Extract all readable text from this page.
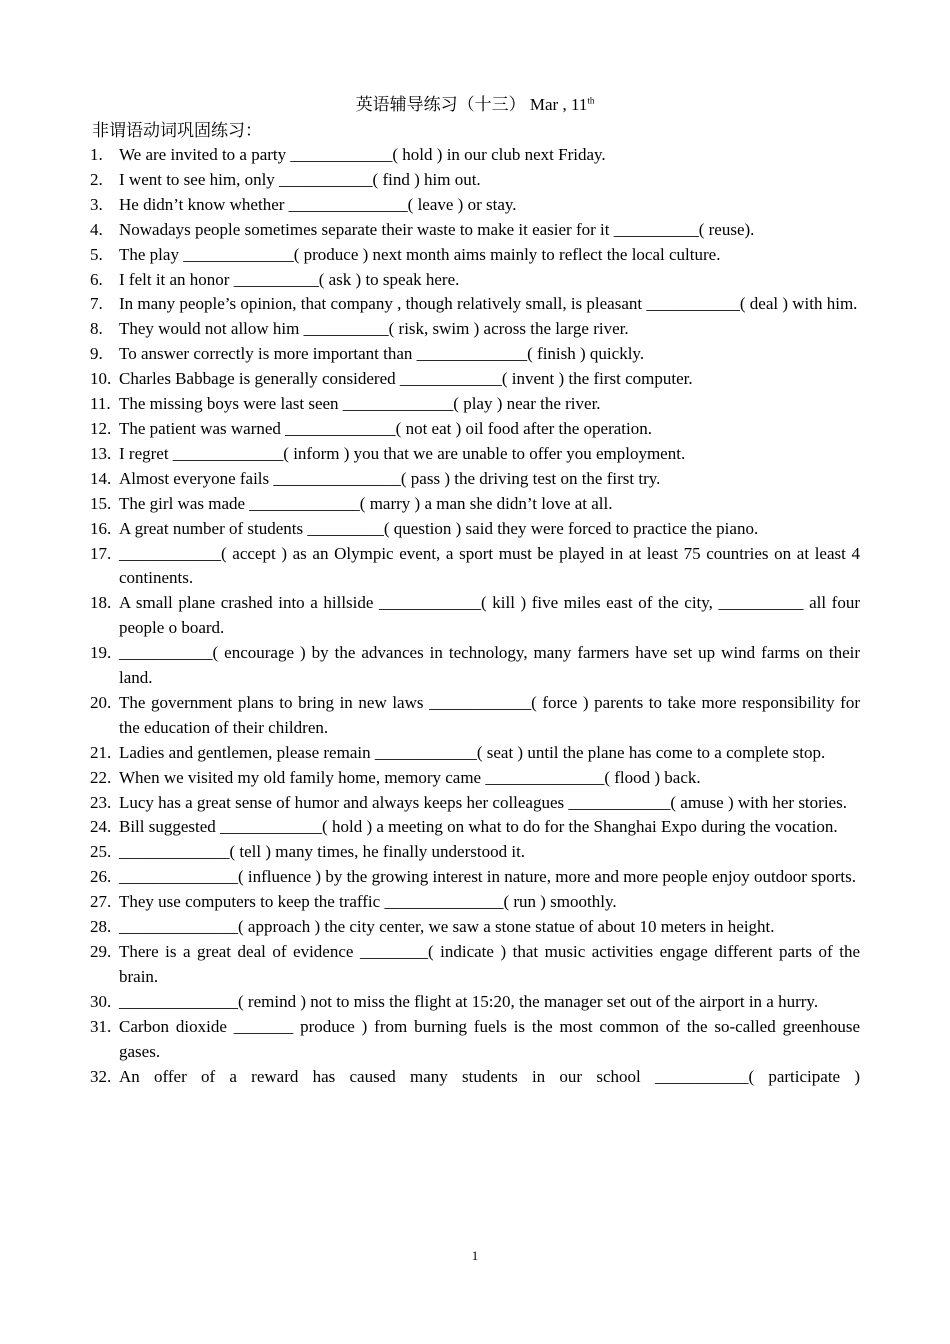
英语辅导练习（十三） Mar , 11th
非谓语动词巩固练习：
1. We are invited to a party ____________( hold ) in our club next Friday.
2. I went to see him, only ___________( find ) him out.
3. He didn’t know whether ______________( leave ) or stay.
4. Nowadays people sometimes separate their waste to make it easier for it __________( reuse).
5. The play _____________( produce ) next month aims mainly to reflect the local culture.
6. I felt it an honor __________( ask ) to speak here.
7. In many people’s opinion, that company , though relatively small, is pleasant ___________( deal ) with him.
8. They would not allow him __________( risk, swim ) across the large river.
9. To answer correctly is more important than _____________( finish ) quickly.
10. Charles Babbage is generally considered ____________( invent ) the first computer.
11. The missing boys were last seen _____________( play ) near the river.
12. The patient was warned _____________( not eat ) oil food after the operation.
13. I regret _____________( inform ) you that we are unable to offer you employment.
14. Almost everyone fails _______________( pass ) the driving test on the first try.
15. The girl was made _____________( marry ) a man she didn’t love at all.
16. A great number of students _________( question ) said they were forced to practice the piano.
17. ____________( accept ) as an Olympic event, a sport must be played in at least 75 countries on at least 4 continents.
18. A small plane crashed into a hillside ____________( kill ) five miles east of the city, __________ all four people o board.
19. ___________( encourage ) by the advances in technology, many farmers have set up wind farms on their land.
20. The government plans to bring in new laws ____________( force ) parents to take more responsibility for the education of their children.
21. Ladies and gentlemen, please remain ____________( seat ) until the plane has come to a complete stop.
22. When we visited my old family home, memory came ______________( flood ) back.
23. Lucy has a great sense of humor and always keeps her colleagues ____________( amuse ) with her stories.
24. Bill suggested ____________( hold ) a meeting on what to do for the Shanghai Expo during the vocation.
25. _____________( tell ) many times, he finally understood it.
26. ______________( influence ) by the growing interest in nature, more and more people enjoy outdoor sports.
27. They use computers to keep the traffic ______________( run ) smoothly.
28. ______________( approach ) the city center, we saw a stone statue of about 10 meters in height.
29. There is a great deal of evidence ________( indicate ) that music activities engage different parts of the brain.
30. ______________( remind ) not to miss the flight at 15:20, the manager set out of the airport in a hurry.
31. Carbon dioxide _______ produce ) from burning fuels is the most common of the so-called greenhouse gases.
32. An offer of a reward has caused many students in our school ___________( participate )
1
